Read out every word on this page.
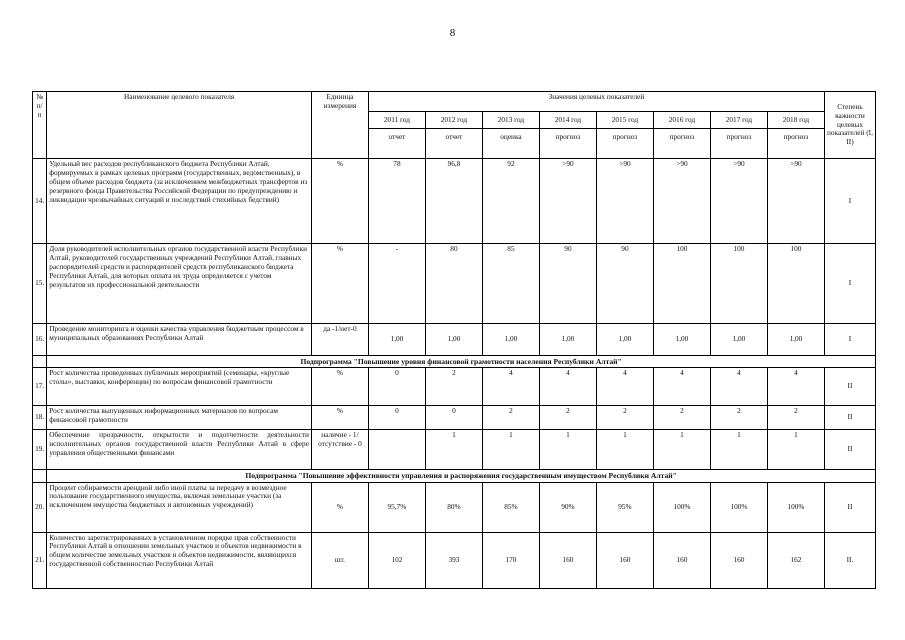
8
№ п/п	Наименование целевого показателя	Единица измерения	Значения целевых показателей								Степень важности целевых показателей (I, II)
			2011 год	2012 год	2013 год	2014 год	2015 год	2016 год	2017 год	2018 год	
			отчет	отчет	оценка	прогноз	прогноз	прогноз	прогноз	прогноз	
14.	Удельный вес расходов республиканского бюджета Республики Алтай, формируемых в рамках целевых программ (государственных, ведомственных), в общем объеме расходов бюджета (за исключением межбюджетных трансфертов из резервного фонда Правительства Российской Федерации по предупреждению и ликвидации чрезвычайных ситуаций и последствий стихийных бедствий)	%	78	96,8	92	>90	>90	>90	>90	>90	I
15.	Доля руководителей исполнительных органов государственной власти Республики Алтай, руководителей государственных учреждений Республики Алтай, главных распорядителей средств и распорядителей средств республиканского бюджета Республики Алтай, для которых оплата их труда определяется с учетом результатов их профессиональной деятельности	%	-	80	85	90	90	100	100	100	I
16.	Проведение мониторинга и оценки качества управления бюджетным процессом в муниципальных образованиях Республики Алтай	да -1/нет-0	1,00	1,00	1,00	1,00	1,00	1,00	1,00	1,00	I
	Подпрограмма "Повышение уровня финансовой грамотности населения Республики Алтай"										
17.	Рост количества проведенных публичных мероприятий (семинары, «круглые столы», выставки, конференции) по вопросам финансовой грамотности	%	0	2	4	4	4	4	4	4	II
18.	Рост количества выпущенных информационных материалов по вопросам финансовой грамотности	%	0	0	2	2	2	2	2	2	II
19.	Обеспечение прозрачности, открытости и подотчетности деятельности исполнительных органов государственной власти Республики Алтай в сфере управления общественными финансами	наличие - 1/отсутствие - 0		1	1	1	1	1	1	1	II
	Подпрограмма "Повышение эффективности управления и распоряжения государственным имуществом Республики Алтай"										
20.	Процент собираемости арендной либо иной платы за передачу в возмездное пользование государственного имущества, включая земельные участки (за исключением имущества бюджетных и автономных учреждений)	%	95,7%	80%	85%	90%	95%	100%	100%	100%	II
21.	Количество зарегистрированных в установленном порядке прав собственности Республики Алтай в отношении земельных участков и объектов недвижимости в общем количестве земельных участков и объектов недвижимости, являющихся государственной собственностью Республики Алтай	шт.	102	393	170	160	160	160	160	162	II.
